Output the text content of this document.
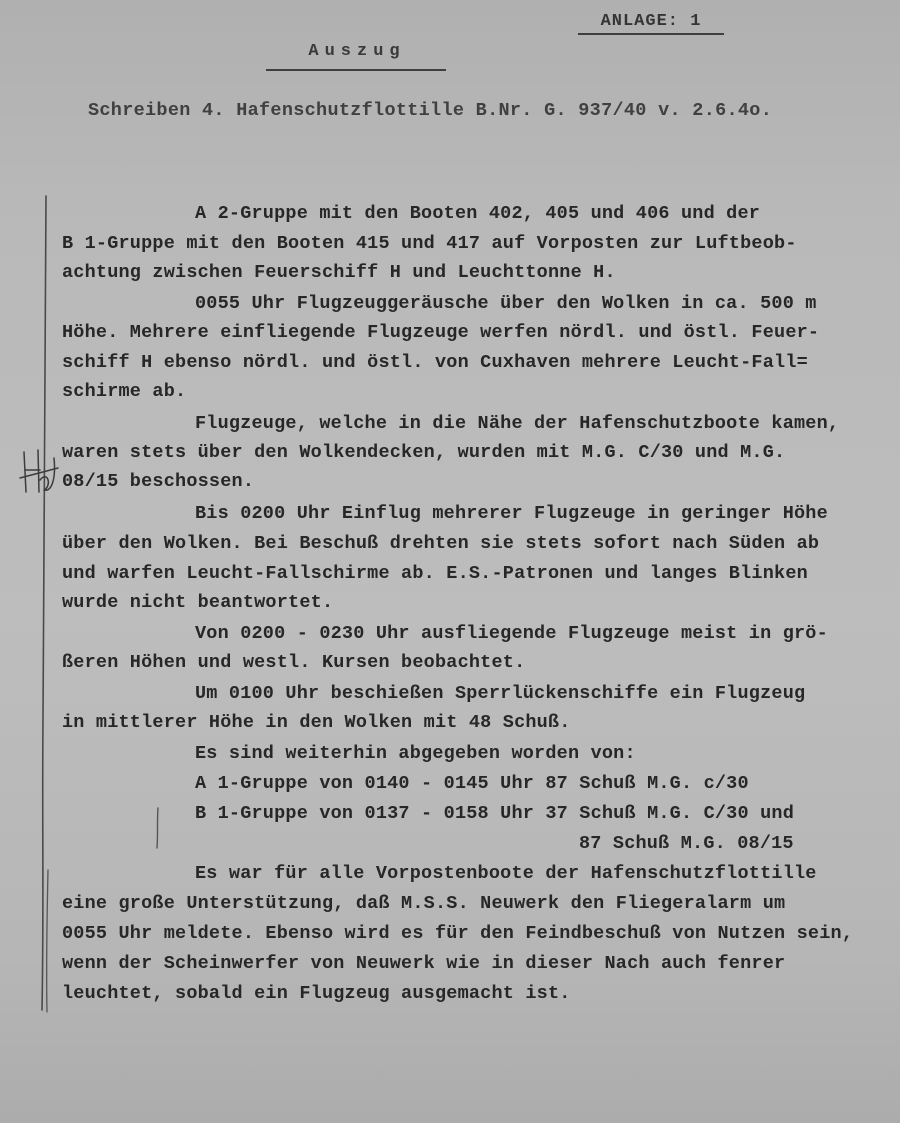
ANLAGE: 1
Auszug
Schreiben 4. Hafenschutzflottille B.Nr. G. 937/40 v. 2.6.4o.
A 2-Gruppe mit den Booten 402, 405 und 406 und der
B 1-Gruppe mit den Booten 415 und 417 auf Vorposten zur Luftbeob-
achtung zwischen Feuerschiff H und Leuchttonne H.
0055 Uhr Flugzeuggeräusche über den Wolken in ca. 500 m
Höhe. Mehrere einfliegende Flugzeuge werfen nördl. und östl. Feuer-
schiff H ebenso nördl. und östl. von Cuxhaven mehrere Leucht-Fall=
schirme ab.
Flugzeuge, welche in die Nähe der Hafenschutzboote kamen,
waren stets über den Wolkendecken, wurden mit M.G. C/30 und M.G.
08/15 beschossen.
Bis 0200 Uhr Einflug mehrerer Flugzeuge in geringer Höhe
über den Wolken. Bei Beschuß drehten sie stets sofort nach Süden ab
und warfen Leucht-Fallschirme ab. E.S.-Patronen und langes Blinken
wurde nicht beantwortet.
Von 0200 - 0230 Uhr ausfliegende Flugzeuge meist in grö-
ßeren Höhen und westl. Kursen beobachtet.
Um 0100 Uhr beschießen Sperrlückenschiffe ein Flugzeug
in mittlerer Höhe in den Wolken mit 48 Schuß.
Es sind weiterhin abgegeben worden von:
A 1-Gruppe von 0140 - 0145 Uhr 87 Schuß M.G. c/30
B 1-Gruppe von 0137 - 0158 Uhr 37 Schuß M.G. C/30 und
87 Schuß M.G. 08/15
Es war für alle Vorpostenboote der Hafenschutzflottille
eine große Unterstützung, daß M.S.S. Neuwerk den Fliegeralarm um
0055 Uhr meldete. Ebenso wird es für den Feindbeschuß von Nutzen sein,
wenn der Scheinwerfer von Neuwerk wie in dieser Nach auch fenrer
leuchtet, sobald ein Flugzeug ausgemacht ist.
